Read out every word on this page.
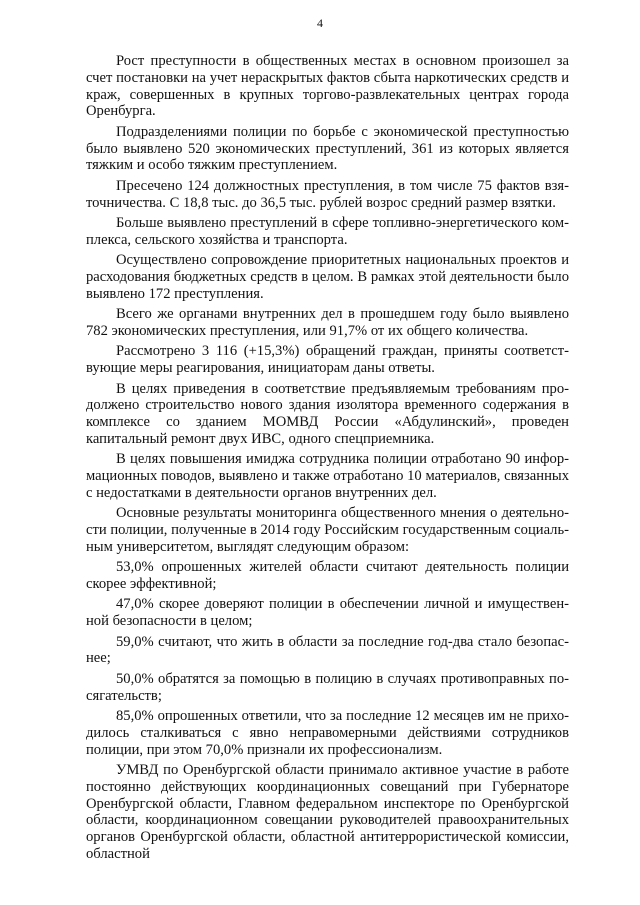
4

Рост преступности в общественных местах в основном произошел за счет постановки на учет нераскрытых фактов сбыта наркотических средств и краж, совершенных в крупных торгово-развлекательных центрах города Оренбурга.

Подразделениями полиции по борьбе с экономической преступностью было выявлено 520 экономических преступлений, 361 из которых является тяжким и особо тяжким преступлением.

Пресечено 124 должностных преступления, в том числе 75 фактов взяточничества. С 18,8 тыс. до 36,5 тыс. рублей возрос средний размер взятки.

Больше выявлено преступлений в сфере топливно-энергетического комплекса, сельского хозяйства и транспорта.

Осуществлено сопровождение приоритетных национальных проектов и расходования бюджетных средств в целом. В рамках этой деятельности было выявлено 172 преступления.

Всего же органами внутренних дел в прошедшем году было выявлено 782 экономических преступления, или 91,7% от их общего количества.

Рассмотрено 3 116 (+15,3%) обращений граждан, приняты соответствующие меры реагирования, инициаторам даны ответы.

В целях приведения в соответствие предъявляемым требованиям продолжено строительство нового здания изолятора временного содержания в комплексе со зданием МОМВД России «Абдулинский», проведен капитальный ремонт двух ИВС, одного спецприемника.

В целях повышения имиджа сотрудника полиции отработано 90 информационных поводов, выявлено и также отработано 10 материалов, связанных с недостатками в деятельности органов внутренних дел.

Основные результаты мониторинга общественного мнения о деятельности полиции, полученные в 2014 году Российским государственным социальным университетом, выглядят следующим образом:

53,0% опрошенных жителей области считают деятельность полиции скорее эффективной;

47,0% скорее доверяют полиции в обеспечении личной и имущественной безопасности в целом;

59,0% считают, что жить в области за последние год-два стало безопаснее;

50,0% обратятся за помощью в полицию в случаях противоправных посягательств;

85,0% опрошенных ответили, что за последние 12 месяцев им не приходилось сталкиваться с явно неправомерными действиями сотрудников полиции, при этом 70,0% признали их профессионализм.

УМВД по Оренбургской области принимало активное участие в работе постоянно действующих координационных совещаний при Губернаторе Оренбургской области, Главном федеральном инспекторе по Оренбургской области, координационном совещании руководителей правоохранительных органов Оренбургской области, областной антитеррористической комиссии, областной
